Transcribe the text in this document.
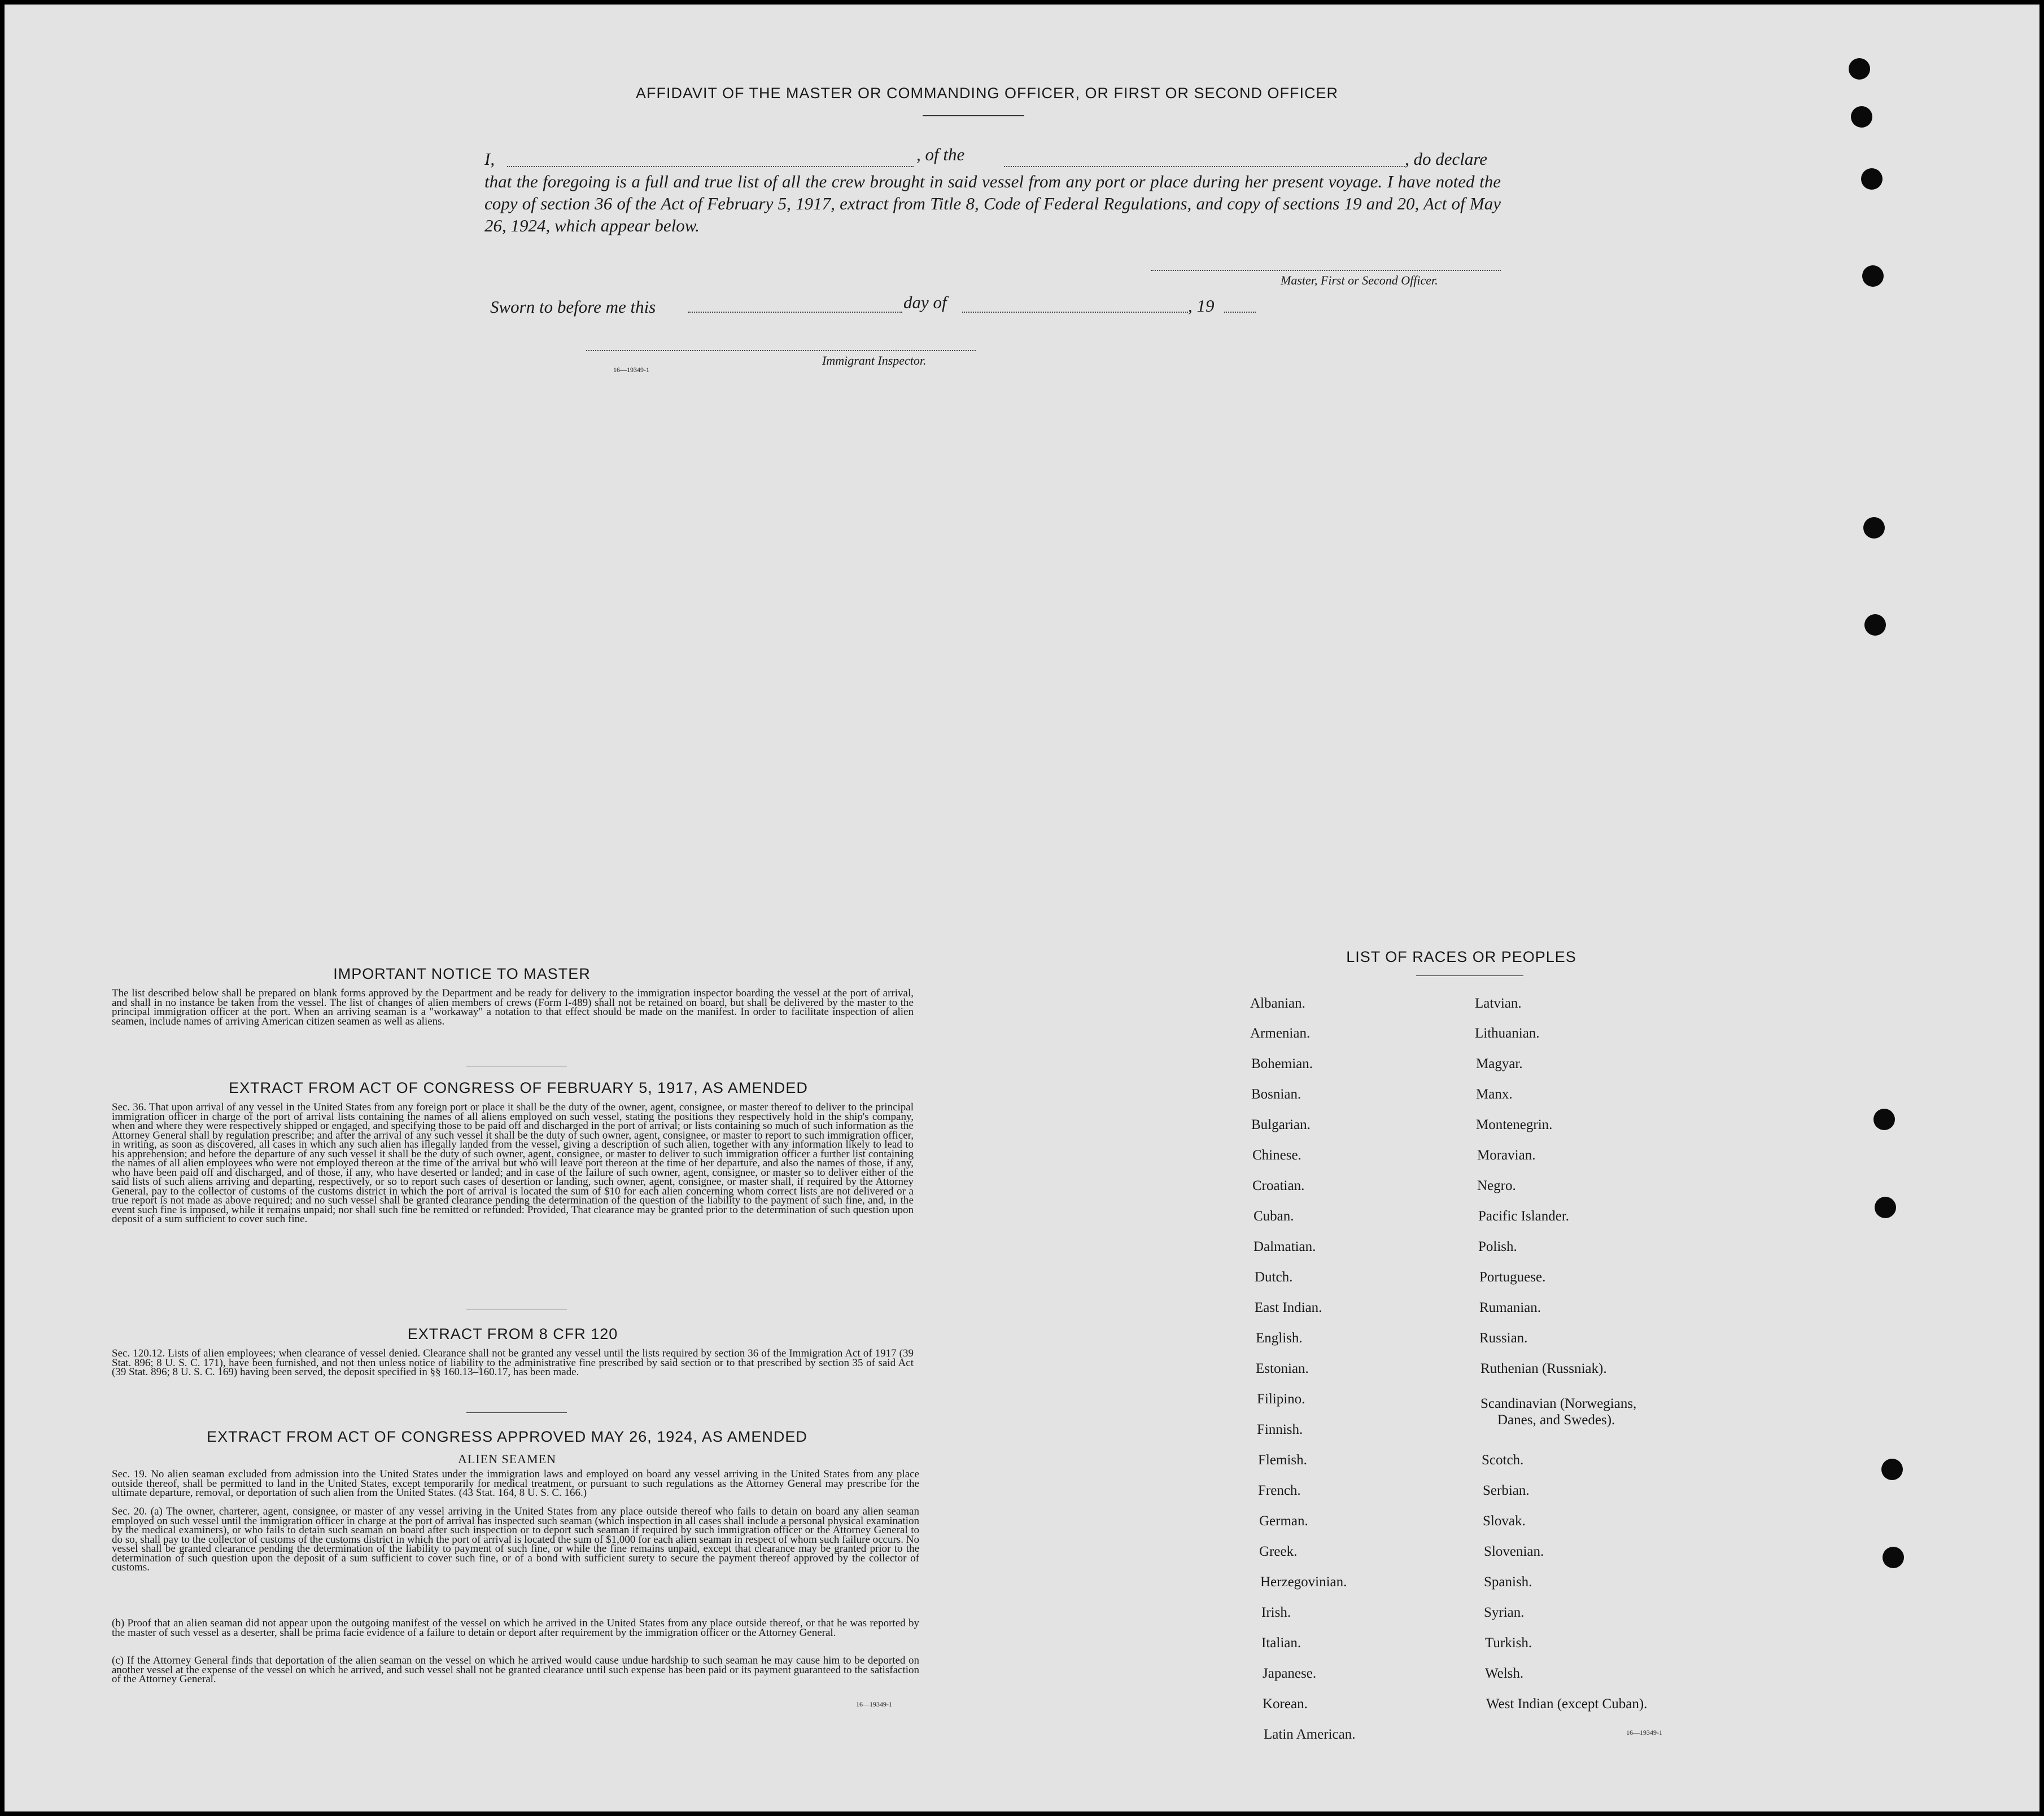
AFFIDAVIT OF THE MASTER OR COMMANDING OFFICER, OR FIRST OR SECOND OFFICER
I,	, of the	, do declare
that the foregoing is a full and true list of all the crew brought in said vessel from any port or place during her present voyage. I have noted the copy of section 36 of the Act of February 5, 1917, extract from Title 8, Code of Federal Regulations, and copy of sections 19 and 20, Act of May 26, 1924, which appear below.
Master, First or Second Officer.
Sworn to before me this	day of	, 19
Immigrant Inspector.
16—19349-1
IMPORTANT NOTICE TO MASTER
The list described below shall be prepared on blank forms approved by the Department and be ready for delivery to the immigration inspector boarding the vessel at the port of arrival, and shall in no instance be taken from the vessel. The list of changes of alien members of crews (Form I-489) shall not be retained on board, but shall be delivered by the master to the principal immigration officer at the port. When an arriving seaman is a "workaway" a notation to that effect should be made on the manifest. In order to facilitate inspection of alien seamen, include names of arriving American citizen seamen as well as aliens.
EXTRACT FROM ACT OF CONGRESS OF FEBRUARY 5, 1917, AS AMENDED
Sec. 36. That upon arrival of any vessel in the United States from any foreign port or place it shall be the duty of the owner, agent, consignee, or master thereof to deliver to the principal immigration officer in charge of the port of arrival lists containing the names of all aliens employed on such vessel, stating the positions they respectively hold in the ship's company, when and where they were respectively shipped or engaged, and specifying those to be paid off and discharged in the port of arrival; or lists containing so much of such information as the Attorney General shall by regulation prescribe; and after the arrival of any such vessel it shall be the duty of such owner, agent, consignee, or master to report to such immigration officer, in writing, as soon as discovered, all cases in which any such alien has illegally landed from the vessel, giving a description of such alien, together with any information likely to lead to his apprehension; and before the departure of any such vessel it shall be the duty of such owner, agent, consignee, or master to deliver to such immigration officer a further list containing the names of all alien employees who were not employed thereon at the time of the arrival but who will leave port thereon at the time of her departure, and also the names of those, if any, who have been paid off and discharged, and of those, if any, who have deserted or landed; and in case of the failure of such owner, agent, consignee, or master so to deliver either of the said lists of such aliens arriving and departing, respectively, or so to report such cases of desertion or landing, such owner, agent, consignee, or master shall, if required by the Attorney General, pay to the collector of customs of the customs district in which the port of arrival is located the sum of $10 for each alien concerning whom correct lists are not delivered or a true report is not made as above required; and no such vessel shall be granted clearance pending the determination of the question of the liability to the payment of such fine, and, in the event such fine is imposed, while it remains unpaid; nor shall such fine be remitted or refunded: Provided, That clearance may be granted prior to the determination of such question upon deposit of a sum sufficient to cover such fine.
EXTRACT FROM 8 CFR 120
Sec. 120.12. Lists of alien employees; when clearance of vessel denied. Clearance shall not be granted any vessel until the lists required by section 36 of the Immigration Act of 1917 (39 Stat. 896; 8 U. S. C. 171), have been furnished, and not then unless notice of liability to the administrative fine prescribed by said section or to that prescribed by section 35 of said Act (39 Stat. 896; 8 U. S. C. 169) having been served, the deposit specified in §§ 160.13–160.17, has been made.
EXTRACT FROM ACT OF CONGRESS APPROVED MAY 26, 1924, AS AMENDED
ALIEN SEAMEN
Sec. 19. No alien seaman excluded from admission into the United States under the immigration laws and employed on board any vessel arriving in the United States from any place outside thereof, shall be permitted to land in the United States, except temporarily for medical treatment, or pursuant to such regulations as the Attorney General may prescribe for the ultimate departure, removal, or deportation of such alien from the United States. (43 Stat. 164, 8 U. S. C. 166.)
Sec. 20. (a) The owner, charterer, agent, consignee, or master of any vessel arriving in the United States from any place outside thereof who fails to detain on board any alien seaman employed on such vessel until the immigration officer in charge at the port of arrival has inspected such seaman (which inspection in all cases shall include a personal physical examination by the medical examiners), or who fails to detain such seaman on board after such inspection or to deport such seaman if required by such immigration officer or the Attorney General to do so, shall pay to the collector of customs of the customs district in which the port of arrival is located the sum of $1,000 for each alien seaman in respect of whom such failure occurs. No vessel shall be granted clearance pending the determination of the liability to payment of such fine, or while the fine remains unpaid, except that clearance may be granted prior to the determination of such question upon the deposit of a sum sufficient to cover such fine, or of a bond with sufficient surety to secure the payment thereof approved by the collector of customs.
(b) Proof that an alien seaman did not appear upon the outgoing manifest of the vessel on which he arrived in the United States from any place outside thereof, or that he was reported by the master of such vessel as a deserter, shall be prima facie evidence of a failure to detain or deport after requirement by the immigration officer or the Attorney General.
(c) If the Attorney General finds that deportation of the alien seaman on the vessel on which he arrived would cause undue hardship to such seaman he may cause him to be deported on another vessel at the expense of the vessel on which he arrived, and such vessel shall not be granted clearance until such expense has been paid or its payment guaranteed to the satisfaction of the Attorney General.
16—19349-1
LIST OF RACES OR PEOPLES
Albanian.
Armenian.
Bohemian.
Bosnian.
Bulgarian.
Chinese.
Croatian.
Cuban.
Dalmatian.
Dutch.
East Indian.
English.
Estonian.
Filipino.
Finnish.
Flemish.
French.
German.
Greek.
Herzegovinian.
Irish.
Italian.
Japanese.
Korean.
Latin American.
Latvian.
Lithuanian.
Magyar.
Manx.
Montenegrin.
Moravian.
Negro.
Pacific Islander.
Polish.
Portuguese.
Rumanian.
Russian.
Ruthenian (Russniak).
Scandinavian (Norwegians,
Danes, and Swedes).
Scotch.
Serbian.
Slovak.
Slovenian.
Spanish.
Syrian.
Turkish.
Welsh.
West Indian (except Cuban).
16—19349-1
